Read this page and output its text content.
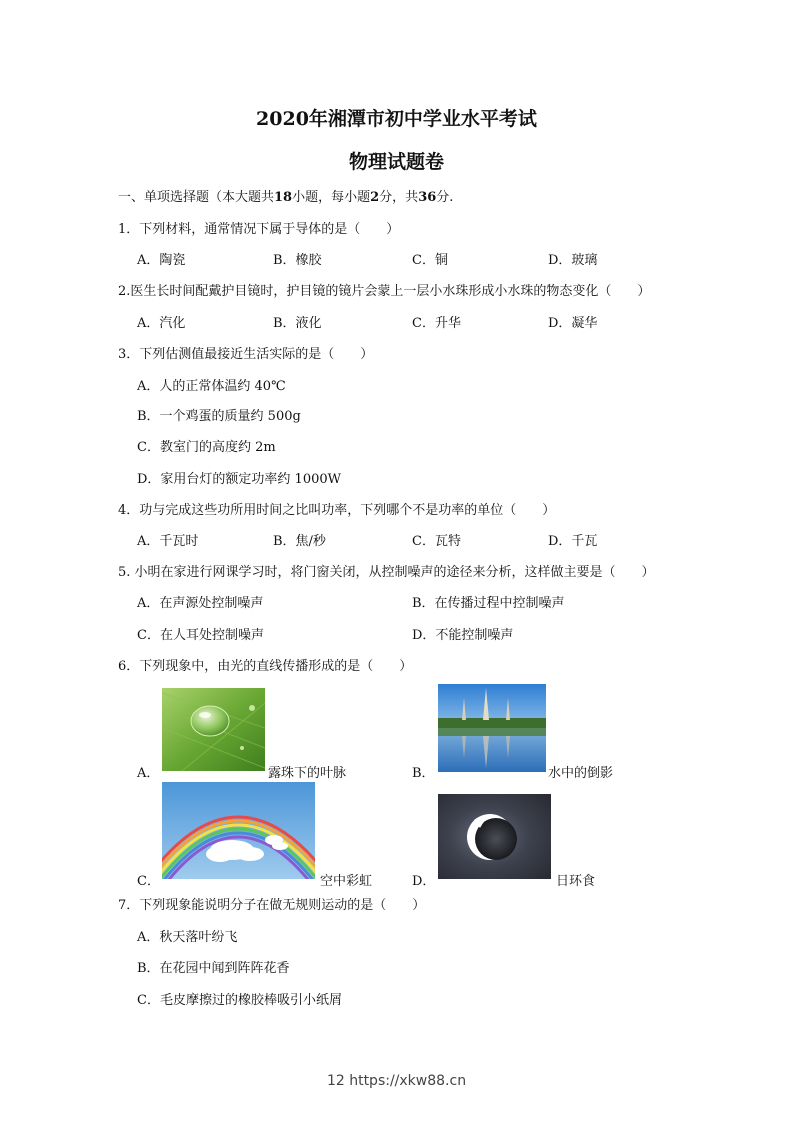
2020年湘潭市初中学业水平考试
物理试题卷
一、单项选择题（本大题共18小题，每小题2分，共36分.
1．下列材料，通常情况下属于导体的是（　　）
A．陶瓷	B．橡胶	C．铜	D．玻璃
2.医生长时间配戴护目镜时，护目镜的镜片会蒙上一层小水珠形成小水珠的物态变化（　　）
A．汽化	B．液化	C．升华	D．凝华
3．下列估测值最接近生活实际的是（　　）
A．人的正常体温约 40℃
B．一个鸡蛋的质量约 500g
C．教室门的高度约 2m
D．家用台灯的额定功率约 1000W
4．功与完成这些功所用时间之比叫功率，下列哪个不是功率的单位（　　）
A．千瓦时	B．焦/秒	C．瓦特	D．千瓦
5. 小明在家进行网课学习时，将门窗关闭，从控制噪声的途径来分析，这样做主要是（　　）
A．在声源处控制噪声	B．在传播过程中控制噪声
C．在人耳处控制噪声	D．不能控制噪声
6．下列现象中，由光的直线传播形成的是（　　）
A．	露珠下的叶脉	B．	水中的倒影
C．	空中彩虹	D．	日环食
7．下列现象能说明分子在做无规则运动的是（　　）
A．秋天落叶纷飞
B．在花园中闻到阵阵花香
C．毛皮摩擦过的橡胶棒吸引小纸屑
12 https://xkw88.cn
